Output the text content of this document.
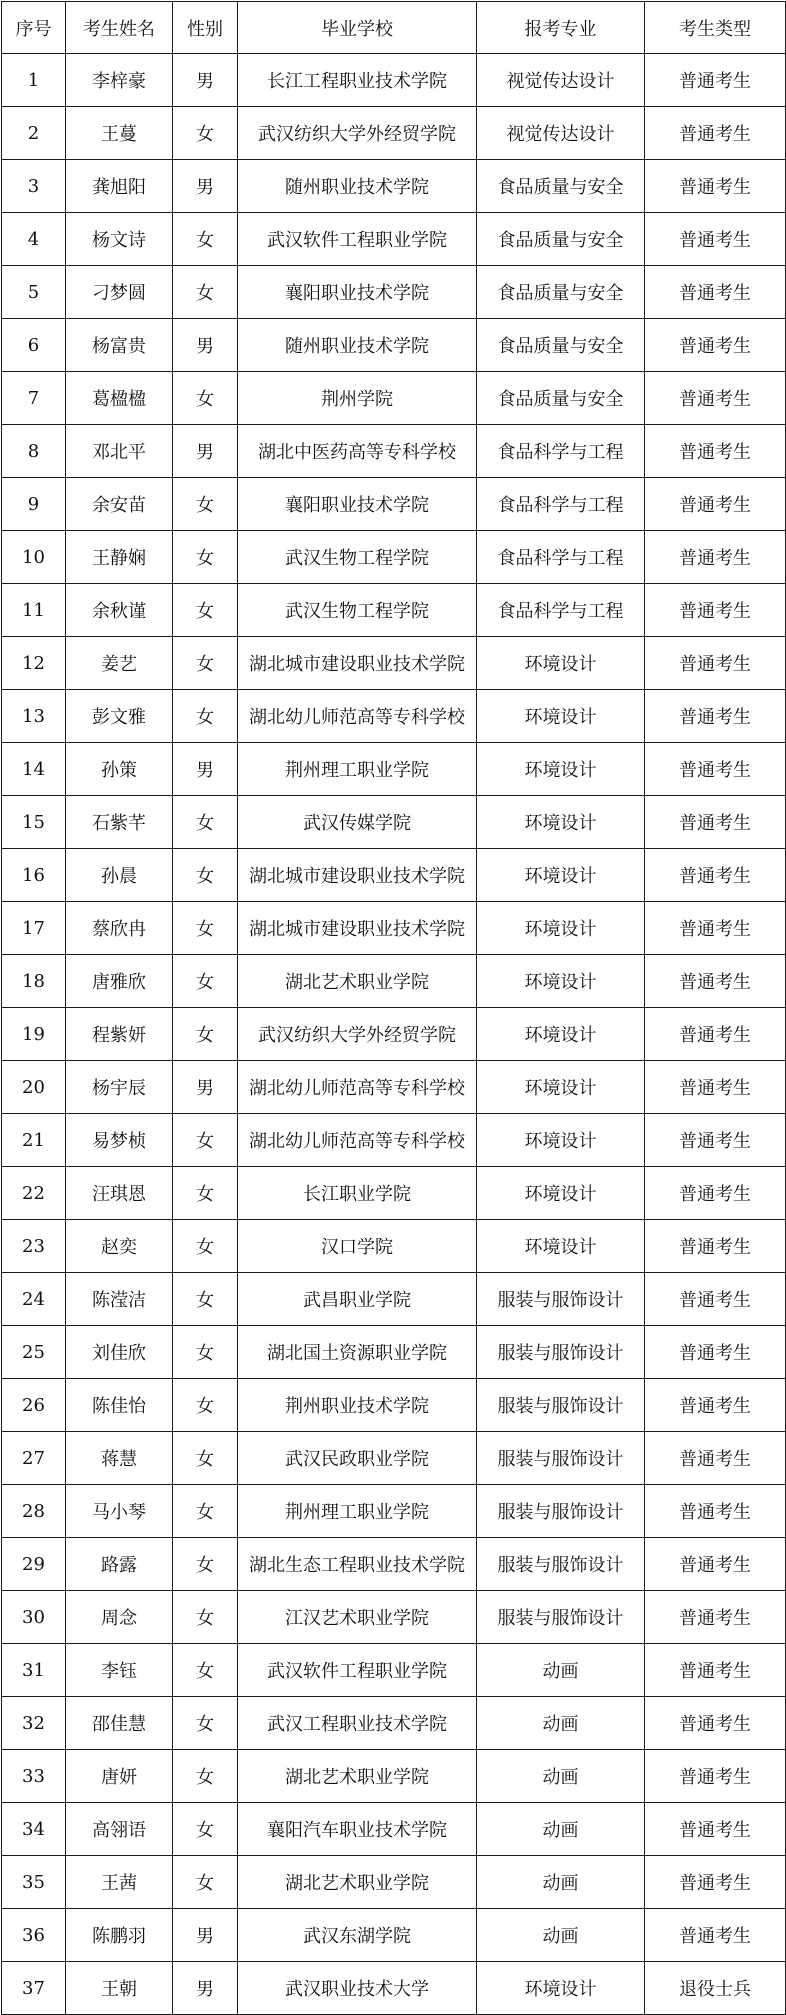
序号	考生姓名	性别	毕业学校	报考专业	考生类型
1	李梓豪	男	长江工程职业技术学院	视觉传达设计	普通考生
2	王蔓	女	武汉纺织大学外经贸学院	视觉传达设计	普通考生
3	龚旭阳	男	随州职业技术学院	食品质量与安全	普通考生
4	杨文诗	女	武汉软件工程职业学院	食品质量与安全	普通考生
5	刁梦圆	女	襄阳职业技术学院	食品质量与安全	普通考生
6	杨富贵	男	随州职业技术学院	食品质量与安全	普通考生
7	葛楹楹	女	荆州学院	食品质量与安全	普通考生
8	邓北平	男	湖北中医药高等专科学校	食品科学与工程	普通考生
9	余安苗	女	襄阳职业技术学院	食品科学与工程	普通考生
10	王静娴	女	武汉生物工程学院	食品科学与工程	普通考生
11	余秋谨	女	武汉生物工程学院	食品科学与工程	普通考生
12	姜艺	女	湖北城市建设职业技术学院	环境设计	普通考生
13	彭文雅	女	湖北幼儿师范高等专科学校	环境设计	普通考生
14	孙策	男	荆州理工职业学院	环境设计	普通考生
15	石紫芊	女	武汉传媒学院	环境设计	普通考生
16	孙晨	女	湖北城市建设职业技术学院	环境设计	普通考生
17	蔡欣冉	女	湖北城市建设职业技术学院	环境设计	普通考生
18	唐雅欣	女	湖北艺术职业学院	环境设计	普通考生
19	程紫妍	女	武汉纺织大学外经贸学院	环境设计	普通考生
20	杨宇辰	男	湖北幼儿师范高等专科学校	环境设计	普通考生
21	易梦桢	女	湖北幼儿师范高等专科学校	环境设计	普通考生
22	汪琪恩	女	长江职业学院	环境设计	普通考生
23	赵奕	女	汉口学院	环境设计	普通考生
24	陈滢洁	女	武昌职业学院	服装与服饰设计	普通考生
25	刘佳欣	女	湖北国土资源职业学院	服装与服饰设计	普通考生
26	陈佳怡	女	荆州职业技术学院	服装与服饰设计	普通考生
27	蒋慧	女	武汉民政职业学院	服装与服饰设计	普通考生
28	马小琴	女	荆州理工职业学院	服装与服饰设计	普通考生
29	路露	女	湖北生态工程职业技术学院	服装与服饰设计	普通考生
30	周念	女	江汉艺术职业学院	服装与服饰设计	普通考生
31	李钰	女	武汉软件工程职业学院	动画	普通考生
32	邵佳慧	女	武汉工程职业技术学院	动画	普通考生
33	唐妍	女	湖北艺术职业学院	动画	普通考生
34	高翎语	女	襄阳汽车职业技术学院	动画	普通考生
35	王茜	女	湖北艺术职业学院	动画	普通考生
36	陈鹏羽	男	武汉东湖学院	动画	普通考生
37	王朝	男	武汉职业技术大学	环境设计	退役士兵
